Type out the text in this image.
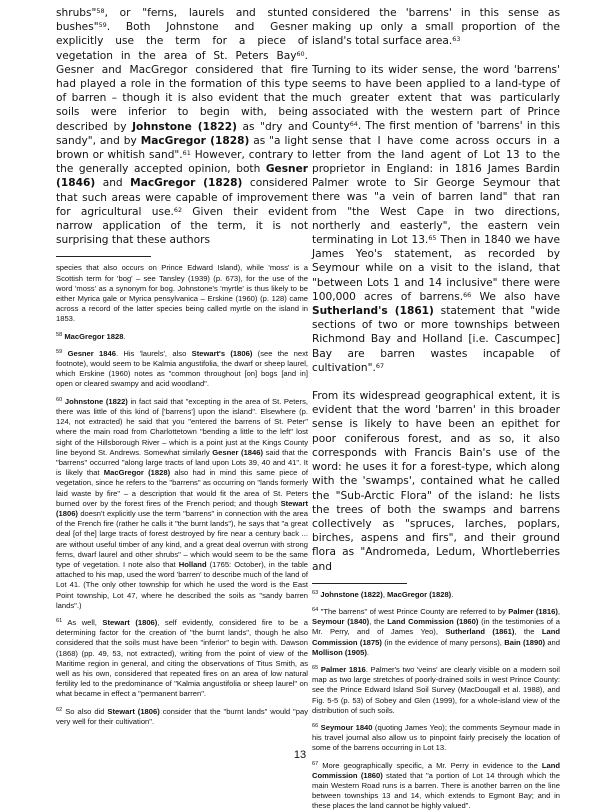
shrubs"$^{58}$, or "ferns, laurels and stunted bushes"$^{59}$. Both Johnstone and Gesner explicitly use the term for a piece of vegetation in the area of St. Peters Bay$^{60}$. Gesner and MacGregor considered that fire had played a role in the formation of this type of barren – though it is also evident that the soils were inferior to begin with, being described by Johnstone (1822) as "dry and sandy", and by MacGregor (1828) as "a light brown or whitish sand".$^{61}$ However, contrary to the generally accepted opinion, both Gesner (1846) and MacGregor (1828) considered that such areas were capable of improvement for agricultural use.$^{62}$ Given their evident narrow application of the term, it is not surprising that these authors

species that also occurs on Prince Edward Island), while 'moss' is a Scottish term for 'bog' – see Tansley (1939) (p. 673), for the use of the word 'moss' as a synonym for bog. Johnstone's 'myrtle' is thus likely to be either Myrica gale or Myrica pensylvanica – Erskine (1960) (p. 128) came across a record of the latter species being called myrtle on the island in 1853.

$^{58}$ MacGregor 1828.

$^{59}$ Gesner 1846. His 'laurels', also Stewart's (1806) (see the next footnote), would seem to be Kalmia angustifolia, the dwarf or sheep laurel, which Erskine (1960) notes as "common throughout [on] bogs [and in] open or cleared swampy and acid woodland".

$^{60}$ Johnstone (1822) in fact said that "excepting in the area of St. Peters, there was little of this kind of ['barrens'] upon the island". Elsewhere (p. 124, not extracted) he said that you "entered the barrens of St. Peter" where the main road from Charlottetown "bending a little to the left" lost sight of the Hillsborough River – which is a point just at the Kings County line beyond St. Andrews. Somewhat similarly Gesner (1846) said that the "barrens" occurred "along large tracts of land upon Lots 39, 40 and 41". It is likely that MacGregor (1828) also had in mind this same piece of vegetation, since he refers to the "barrens" as occurring on "lands formerly laid waste by fire" – a description that would fit the area of St. Peters burned over by the forest fires of the French period; and though Stewart (1806) doesn't explicitly use the term "barrens" in connection with the area of the French fire (rather he calls it "the burnt lands"), he says that "a great deal [of the] large tracts of forest destroyed by fire near a century back ... are without useful timber of any kind, and a great deal overrun with strong ferns, dwarf laurel and other shrubs" – which would seem to be the same type of vegetation. I note also that Holland (1765: October), in the table attached to his map, used the word 'barren' to describe much of the land of Lot 41. (The only other township for which he used the word is the East Point township, Lot 47, where he described the soils as "sandy barren lands".)

$^{61}$ As well, Stewart (1806), self evidently, considered fire to be a determining factor for the creation of "the burnt lands", though he also considered that the soils must have been "inferior" to begin with. Dawson (1868) (pp. 49, 53, not extracted), writing from the point of view of the Maritime region in general, and citing the observations of Titus Smith, as well as his own, considered that repeated fires on an area of low natural fertility led to the predominance of "Kalmia angustifolia or sheep laurel" on what became in effect a "permanent barren".

$^{62}$ So also did Stewart (1806) consider that the "burnt lands" would "pay very well for their cultivation".

considered the 'barrens' in this sense as making up only a small proportion of the island's total surface area.$^{63}$

Turning to its wider sense, the word 'barrens' seems to have been applied to a land-type of much greater extent that was particularly associated with the western part of Prince County$^{64}$. The first mention of 'barrens' in this sense that I have come across occurs in a letter from the land agent of Lot 13 to the proprietor in England: in 1816 James Bardin Palmer wrote to Sir George Seymour that there was "a vein of barren land" that ran from "the West Cape in two directions, northerly and easterly", the eastern vein terminating in Lot 13.65 Then in 1840 we have James Yeo's statement, as recorded by Seymour while on a visit to the island, that "between Lots 1 and 14 inclusive" there were 100,000 acres of barrens.$^{66}$ We also have Sutherland's (1861) statement that "wide sections of two or more townships between Richmond Bay and Holland [i.e. Cascumpec] Bay are barren wastes incapable of cultivation".$^{67}$

From its widespread geographical extent, it is evident that the word 'barren' in this broader sense is likely to have been an epithet for poor coniferous forest, and as so, it also corresponds with Francis Bain's use of the word: he uses it for a forest-type, which along with the 'swamps', contained what he called the "Sub-Arctic Flora" of the island: he lists the trees of both the swamps and barrens collectively as "spruces, larches, poplars, birches, aspens and firs", and their ground flora as "Andromeda, Ledum, Whortleberries and

$^{63}$ Johnstone (1822), MacGregor (1828).

$^{64}$ "The barrens" of west Prince County are referred to by Palmer (1816), Seymour (1840), the Land Commission (1860) (in the testimonies of a Mr. Perry, and of James Yeo), Sutherland (1861), the Land Commission (1875) (in the evidence of many persons), Bain (1890) and Mollison (1905).

$^{65}$ Palmer 1816. Palmer's two 'veins' are clearly visible on a modern soil map as two large stretches of poorly-drained soils in west Prince County: see the Prince Edward Island Soil Survey (MacDougall et al. 1988), and Fig. 5-5 (p. 53) of Sobey and Glen (1999), for a whole-island view of the distribution of such soils.

$^{66}$ Seymour 1840 (quoting James Yeo); the comments Seymour made in his travel journal also allow us to pinpoint fairly precisely the location of some of the barrens occurring in Lot 13.

$^{67}$ More geographically specific, a Mr. Perry in evidence to the Land Commission (1860) stated that "a portion of Lot 14 through which the main Western Road runs is a barren. There is another barren on the line between townships 13 and 14, which extends to Egmont Bay; and in these places the land cannot be highly valued".

13
